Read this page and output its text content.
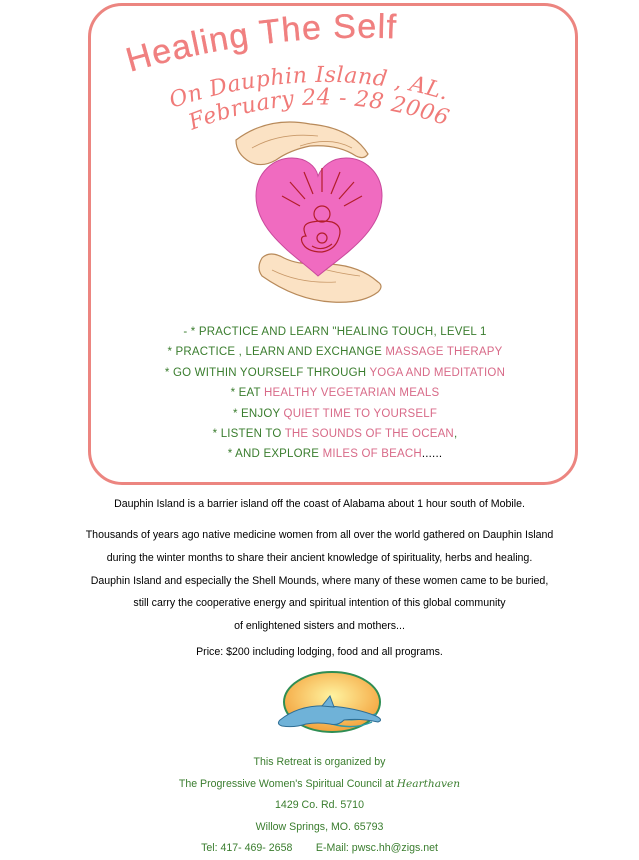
Healing The Self
On Dauphin Island , AL.
February 24 - 28 2006
- * PRACTICE AND LEARN "HEALING TOUCH, LEVEL 1
* PRACTICE , LEARN AND EXCHANGE MASSAGE THERAPY
* GO WITHIN YOURSELF THROUGH YOGA AND MEDITATION
* EAT HEALTHY VEGETARIAN MEALS
* ENJOY QUIET TIME TO YOURSELF
* LISTEN TO THE SOUNDS OF THE OCEAN,
* AND EXPLORE MILES OF BEACH......
Dauphin Island is a barrier island off the coast of Alabama about 1 hour south of Mobile.
Thousands of years ago native medicine women from all over the world gathered on Dauphin Island
during the winter months to share their ancient knowledge of spirituality, herbs and healing.
Dauphin Island and especially the Shell Mounds, where many of these women came to be buried,
still carry the cooperative energy and spiritual intention of this global community
of enlightened sisters and mothers...
Price: $200 including lodging, food and all programs.
This Retreat is organized by
The Progressive Women's Spiritual Council at Hearthaven
1429 Co. Rd. 5710
Willow Springs, MO. 65793
Tel: 417- 469- 2658 E-Mail: pwsc.hh@zigs.net
